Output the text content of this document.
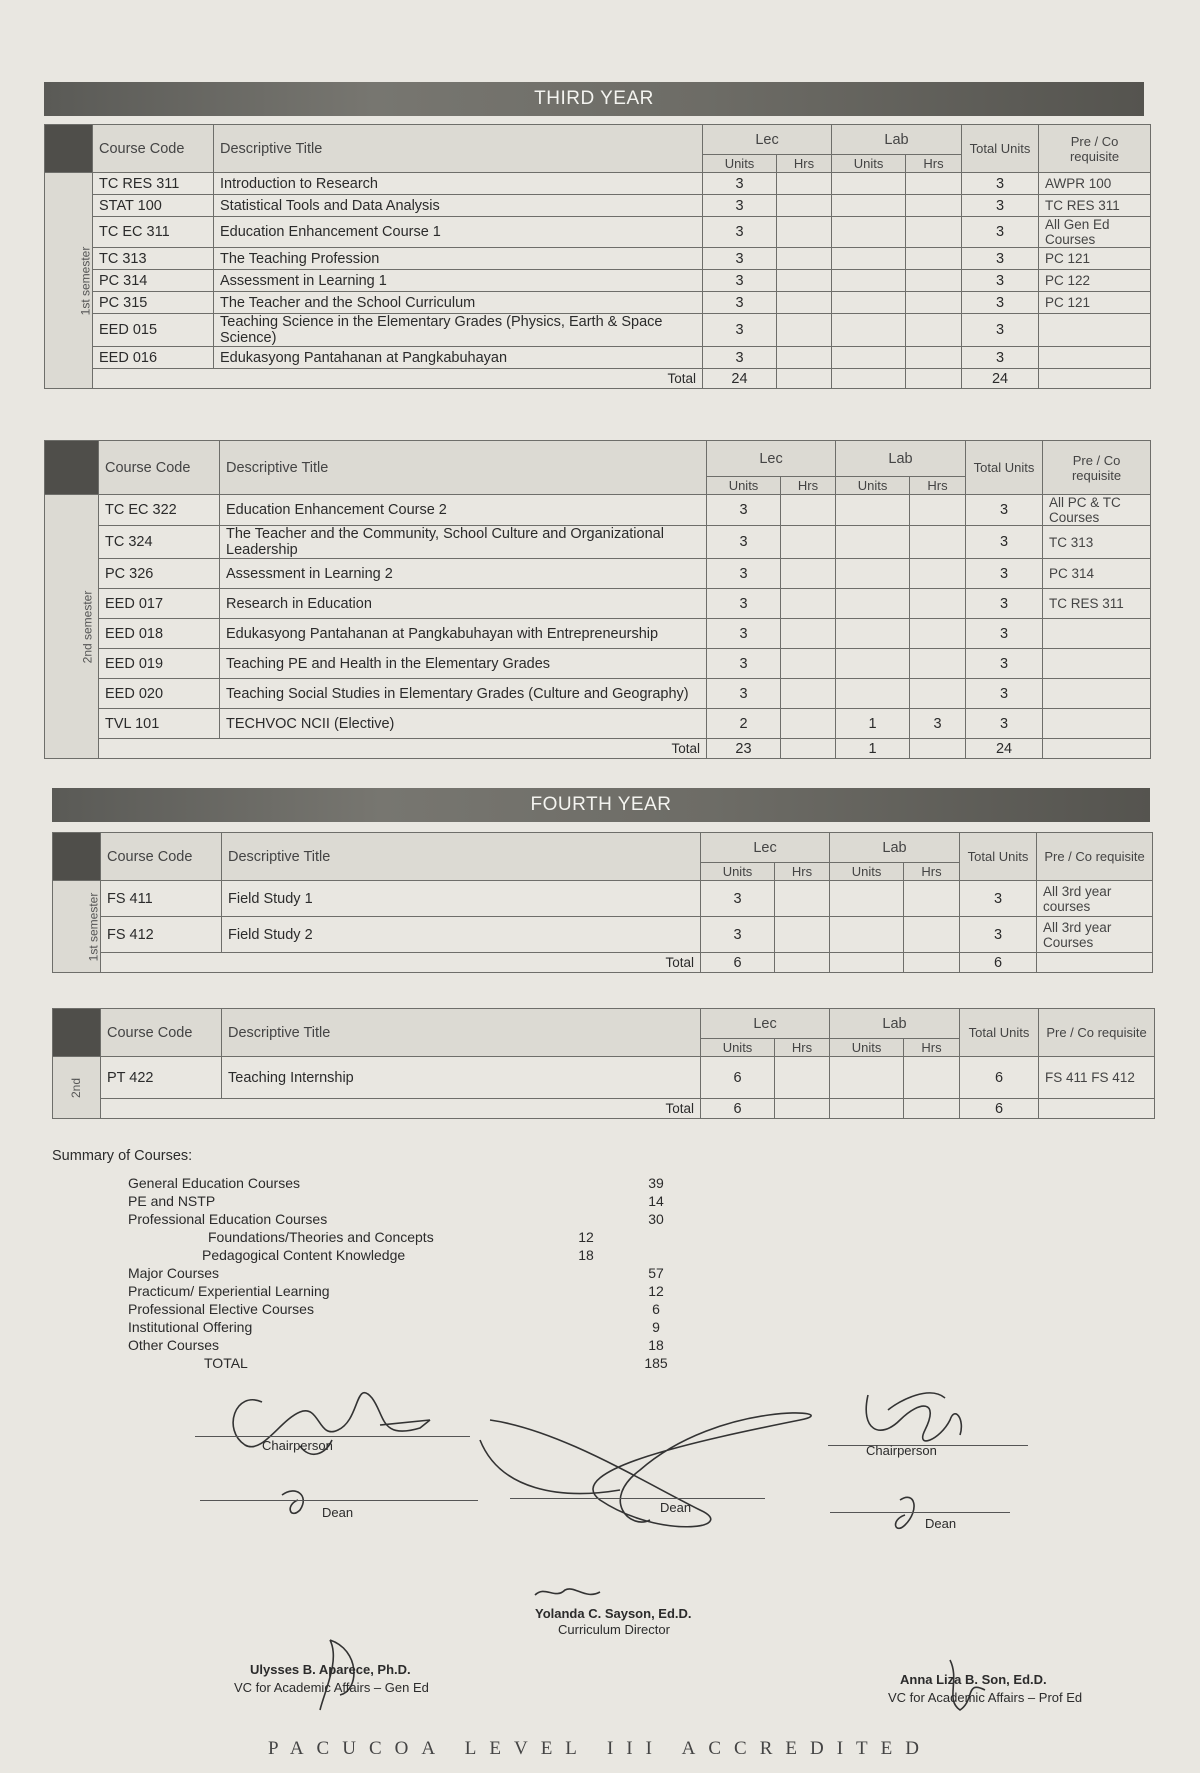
THIRD YEAR
	Course Code	Descriptive Title	Lec		Lab		Total Units	Pre / Co requisite
			Units	Hrs	Units	Hrs		
1st semester	TC RES 311	Introduction to Research	3				3	AWPR 100
	STAT 100	Statistical Tools and Data Analysis	3				3	TC RES 311
	TC EC 311	Education Enhancement Course 1	3				3	All Gen Ed Courses
	TC 313	The Teaching Profession	3				3	PC 121
	PC 314	Assessment in Learning 1	3				3	PC 122
	PC 315	The Teacher and the School Curriculum	3				3	PC 121
	EED 015	Teaching Science in the Elementary Grades (Physics, Earth & Space Science)	3				3	
	EED 016	Edukasyong Pantahanan at Pangkabuhayan	3				3	
	Total		24				24	
	Course Code	Descriptive Title	Lec		Lab		Total Units	Pre / Co requisite
			Units	Hrs	Units	Hrs		
2nd semester	TC EC 322	Education Enhancement Course 2	3				3	All PC & TC Courses
	TC 324	The Teacher and the Community, School Culture and Organizational Leadership	3				3	TC 313
	PC 326	Assessment in Learning 2	3				3	PC 314
	EED 017	Research in Education	3				3	TC RES 311
	EED 018	Edukasyong Pantahanan at Pangkabuhayan with Entrepreneurship	3				3	
	EED 019	Teaching PE and Health in the Elementary Grades	3				3	
	EED 020	Teaching Social Studies in Elementary Grades (Culture and Geography)	3				3	
	TVL 101	TECHVOC NCII (Elective)	2		1	3	3	
	Total		23		1		24	
FOURTH YEAR
	Course Code	Descriptive Title	Lec		Lab		Total Units	Pre / Co requisite
			Units	Hrs	Units	Hrs		
1st semester	FS 411	Field Study 1	3				3	All 3rd year courses
	FS 412	Field Study 2	3				3	All 3rd year Courses
	Total		6				6	
	Course Code	Descriptive Title	Lec		Lab		Total Units	Pre / Co requisite
			Units	Hrs	Units	Hrs		
2nd	PT 422	Teaching Internship	6				6	FS 411 FS 412
	Total		6				6	
Summary of Courses:
General Education Courses	39
PE and NSTP	14
Professional Education Courses	30
Foundations/Theories and Concepts	12
Pedagogical Content Knowledge	18
Major Courses	57
Practicum/ Experiential Learning	12
Professional Elective Courses	6
Institutional Offering	9
Other Courses	18
TOTAL	185
Chairperson
Dean	Dean
Chairperson
Dean
Yolanda C. Sayson, Ed.D.
Curriculum Director
Ulysses B. Aparece, Ph.D.
VC for Academic Affairs – Gen Ed
Anna Liza B. Son, Ed.D.
VC for Academic Affairs – Prof Ed
PACUCOA LEVEL III ACCREDITED
